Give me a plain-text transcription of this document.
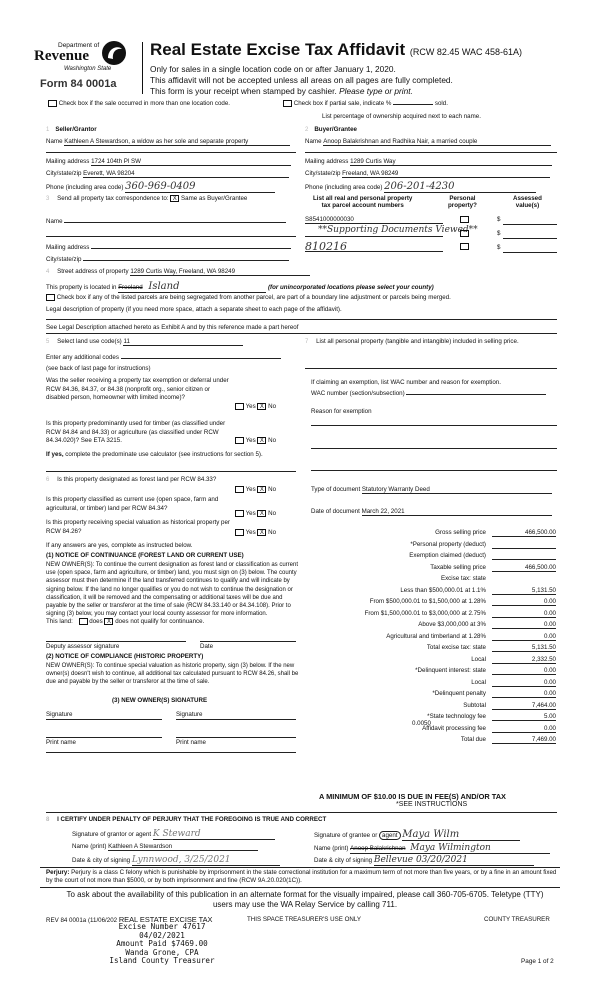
Department of
Revenue
Washington State
Form 84 0001a
Real Estate Excise Tax Affidavit (RCW 82.45 WAC 458-61A)
Only for sales in a single location code on or after January 1, 2020.
This affidavit will not be accepted unless all areas on all pages are fully completed.
This form is your receipt when stamped by cashier. Please type or print.
Check box if the sale occurred in more than one location code.	Check box if partial sale, indicate %	sold.
List percentage of ownership acquired next to each name.
1 Seller/Grantor	2 Buyer/Grantee
Name Kathleen A Stewardson, a widow as her sole and separate property	Name Anoop Balakrishnan and Radhika Nair, a married couple
Mailing address 1724 104th Pl SW	Mailing address 1289 Curtis Way
City/state/zip Everett, WA 98204	City/state/zip Freeland, WA 98249
Phone (including area code) 360-969-0409	Phone (including area code) 206-201-4230
3 Send all property tax correspondence to: X Same as Buyer/Grantee	List all real and personal property
tax parcel account numbers
Personal
property?
Assessed
value(s)
Name
Mailing address
City/state/zip
S8541000000030	$
**Supporting Documents Viewed**	$
810216	$
4 Street address of property 1289 Curtis Way, Freeland, WA 98249
This property is located in Freeland Island	(for unincorporated locations please select your county)
Check box if any of the listed parcels are being segregated from another parcel, are part of a boundary line adjustment or parcels being merged.
Legal description of property (if you need more space, attach a separate sheet to each page of the affidavit).
See Legal Description attached hereto as Exhibit A and by this reference made a part hereof
5 Select land use code(s) 11
Enter any additional codes
(see back of last page for instructions)
Was the seller receiving a property tax exemption or deferral under RCW 84.36, 84.37, or 84.38 (nonprofit org., senior citizen or disabled person, homeowner with limited income)?
Yes X No
Is this property predominantly used for timber (as classified under RCW 84.84 and 84.33) or agriculture (as classified under RCW 84.34.020)? See ETA 3215.	Yes X No
If yes, complete the predominate use calculator (see instructions for section 5).
6 Is this property designated as forest land per RCW 84.33?
Yes X No
Is this property classified as current use (open space, farm and agricultural, or timber) land per RCW 84.34?
Yes X No
Is this property receiving special valuation as historical property per RCW 84.26?	Yes X No
If any answers are yes, complete as instructed below.
(1) NOTICE OF CONTINUANCE (FOREST LAND OR CURRENT USE)
NEW OWNER(S): To continue the current designation as forest land or classification as current use (open space, farm and agriculture, or timber) land, you must sign on (3) below. The county assessor must then determine if the land transferred continues to qualify and will indicate by signing below. If the land no longer qualifies or you do not wish to continue the designation or classification, it will be removed and the compensating or additional taxes will be due and payable by the seller or transferor at the time of sale (RCW 84.33.140 or 84.34.108). Prior to signing (3) below, you may contact your local county assessor for more information.
This land:	does X does not qualify for continuance.
Deputy assessor signature	Date
(2) NOTICE OF COMPLIANCE (HISTORIC PROPERTY)
NEW OWNER(S): To continue special valuation as historic property, sign (3) below. If the new owner(s) doesn't wish to continue, all additional tax calculated pursuant to RCW 84.26, shall be due and payable by the seller or transferor at the time of sale.
(3) NEW OWNER(S) SIGNATURE
Signature	Signature
Print name	Print name
7 List all personal property (tangible and intangible) included in selling price.
If claiming an exemption, list WAC number and reason for exemption.
WAC number (section/subsection)
Reason for exemption
Type of document Statutory Warranty Deed
Date of document March 22, 2021
Gross selling price	466,500.00
*Personal property (deduct)
Exemption claimed (deduct)
Taxable selling price	466,500.00
Excise tax: state
Less than $500,000.01 at 1.1%	5,131.50
From $500,000.01 to $1,500,000 at 1.28%	0.00
From $1,500,000.01 to $3,000,000 at 2.75%	0.00
Above $3,000,000 at 3%	0.00
Agricultural and timberland at 1.28%	0.00
Total excise tax: state	5,131.50
Local	2,332.50
*Delinquent interest: state	0.00
Local	0.00
*Delinquent penalty	0.00
Subtotal	7,464.00
*State technology fee	5.00
Affidavit processing fee	0.00
Total due	7,469.00
0.0050
A MINIMUM OF $10.00 IS DUE IN FEE(S) AND/OR TAX
*SEE INSTRUCTIONS
8 I CERTIFY UNDER PENALTY OF PERJURY THAT THE FOREGOING IS TRUE AND CORRECT
Signature of grantor or agent K Steward
Name (print) Kathleen A Stewardson
Date & city of signing Lynnwood, 3/25/2021
Signature of grantee or agent Maya Wilm
Name (print) Anoop Balakrishnan Maya Wilmington
Date & city of signing Bellevue 03/20/2021
Perjury: Perjury is a class C felony which is punishable by imprisonment in the state correctional institution for a maximum term of not more than five years, or by a fine in an amount fixed by the court of not more than $5000, or by both imprisonment and fine (RCW 9A.20.020(1C)).
To ask about the availability of this publication in an alternate format for the visually impaired, please call 360-705-6705. Teletype (TTY) users may use the WA Relay Service by calling 711.
REV 84 0001a (11/06/202 REAL ESTATE EXCISE TAX	THIS SPACE TREASURER'S USE ONLY	COUNTY TREASURER
Excise Number 47617
04/02/2021
Amount Paid $7469.00
Wanda Grone, CPA
Island County Treasurer	Page 1 of 2
